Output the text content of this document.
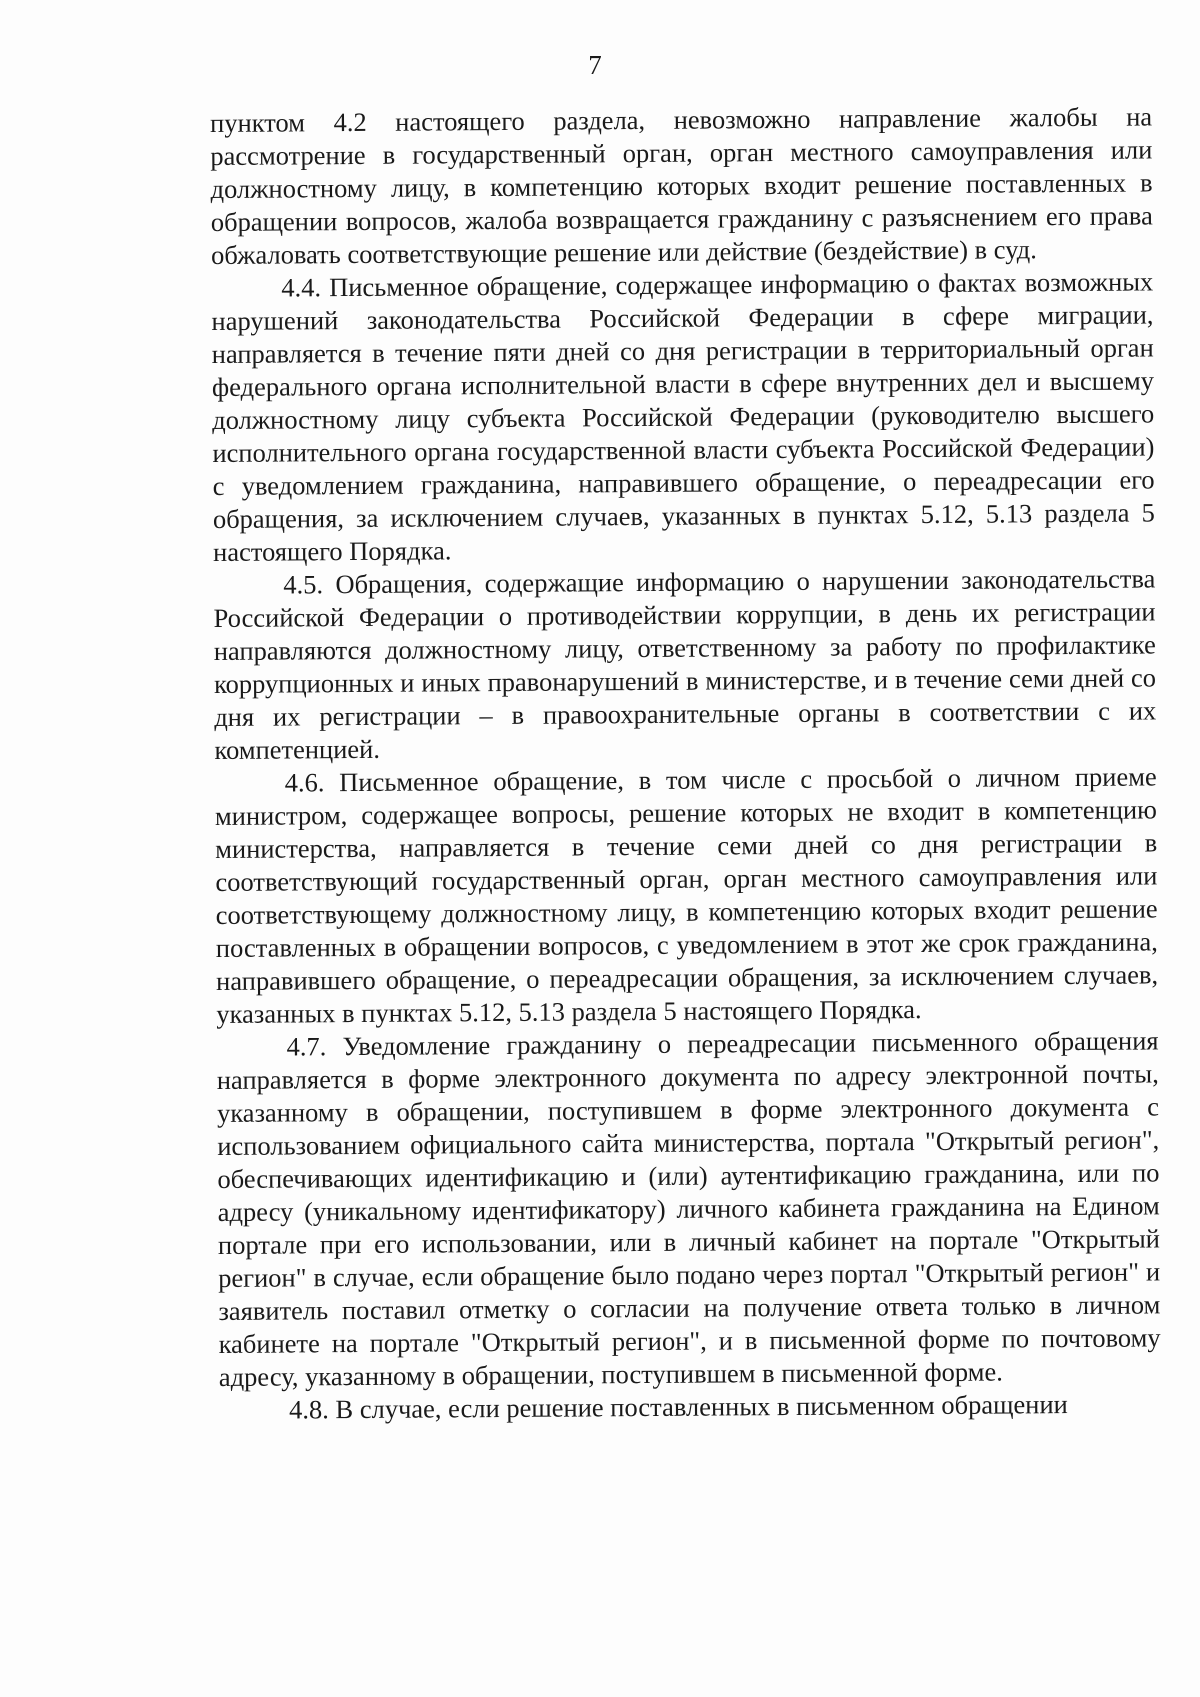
7

пунктом 4.2 настоящего раздела, невозможно направление жалобы на рассмотрение в государственный орган, орган местного самоуправления или должностному лицу, в компетенцию которых входит решение поставленных в обращении вопросов, жалоба возвращается гражданину с разъяснением его права обжаловать соответствующие решение или действие (бездействие) в суд.

4.4. Письменное обращение, содержащее информацию о фактах возможных нарушений законодательства Российской Федерации в сфере миграции, направляется в течение пяти дней со дня регистрации в территориальный орган федерального органа исполнительной власти в сфере внутренних дел и высшему должностному лицу субъекта Российской Федерации (руководителю высшего исполнительного органа государственной власти субъекта Российской Федерации) с уведомлением гражданина, направившего обращение, о переадресации его обращения, за исключением случаев, указанных в пунктах 5.12, 5.13 раздела 5 настоящего Порядка.

4.5. Обращения, содержащие информацию о нарушении законодательства Российской Федерации о противодействии коррупции, в день их регистрации направляются должностному лицу, ответственному за работу по профилактике коррупционных и иных правонарушений в министерстве, и в течение семи дней со дня их регистрации – в правоохранительные органы в соответствии с их компетенцией.

4.6. Письменное обращение, в том числе с просьбой о личном приеме министром, содержащее вопросы, решение которых не входит в компетенцию министерства, направляется в течение семи дней со дня регистрации в соответствующий государственный орган, орган местного самоуправления или соответствующему должностному лицу, в компетенцию которых входит решение поставленных в обращении вопросов, с уведомлением в этот же срок гражданина, направившего обращение, о переадресации обращения, за исключением случаев, указанных в пунктах 5.12, 5.13 раздела 5 настоящего Порядка.

4.7. Уведомление гражданину о переадресации письменного обращения направляется в форме электронного документа по адресу электронной почты, указанному в обращении, поступившем в форме электронного документа с использованием официального сайта министерства, портала "Открытый регион", обеспечивающих идентификацию и (или) аутентификацию гражданина, или по адресу (уникальному идентификатору) личного кабинета гражданина на Едином портале при его использовании, или в личный кабинет на портале "Открытый регион" в случае, если обращение было подано через портал "Открытый регион" и заявитель поставил отметку о согласии на получение ответа только в личном кабинете на портале "Открытый регион", и в письменной форме по почтовому адресу, указанному в обращении, поступившем в письменной форме.

4.8. В случае, если решение поставленных в письменном обращении
